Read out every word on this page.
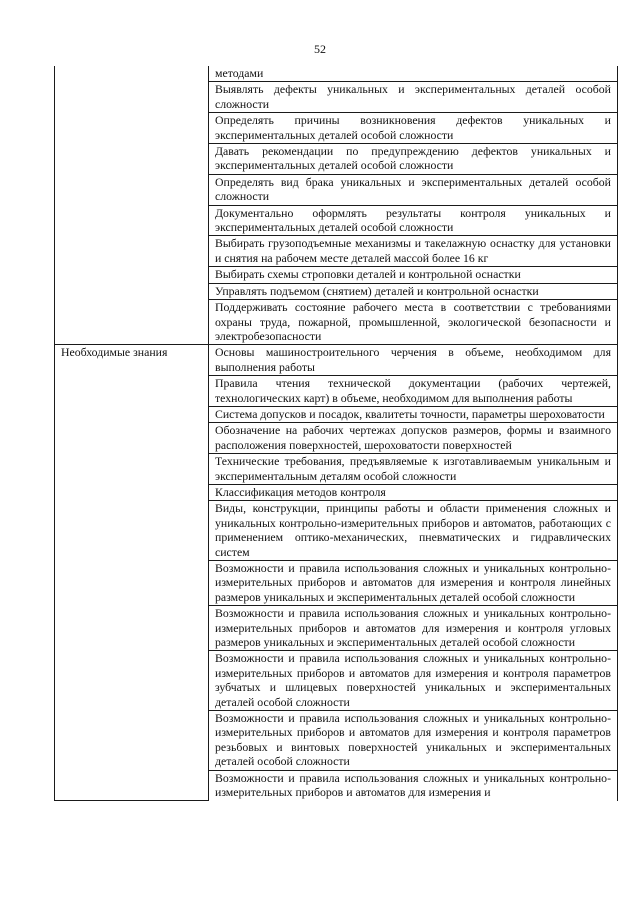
52
	методами
	Выявлять дефекты уникальных и экспериментальных деталей особой сложности
	Определять причины возникновения дефектов уникальных и экспериментальных деталей особой сложности
	Давать рекомендации по предупреждению дефектов уникальных и экспериментальных деталей особой сложности
	Определять вид брака уникальных и экспериментальных деталей особой сложности
	Документально оформлять результаты контроля уникальных и экспериментальных деталей особой сложности
	Выбирать грузоподъемные механизмы и такелажную оснастку для установки и снятия на рабочем месте деталей массой более 16 кг
	Выбирать схемы строповки деталей и контрольной оснастки
	Управлять подъемом (снятием) деталей и контрольной оснастки
	Поддерживать состояние рабочего места в соответствии с требованиями охраны труда, пожарной, промышленной, экологической безопасности и электробезопасности
Необходимые знания	Основы машиностроительного черчения в объеме, необходимом для выполнения работы
	Правила чтения технической документации (рабочих чертежей, технологических карт) в объеме, необходимом для выполнения работы
	Система допусков и посадок, квалитеты точности, параметры шероховатости
	Обозначение на рабочих чертежах допусков размеров, формы и взаимного расположения поверхностей, шероховатости поверхностей
	Технические требования, предъявляемые к изготавливаемым уникальным и экспериментальным деталям особой сложности
	Классификация методов контроля
	Виды, конструкции, принципы работы и области применения сложных и уникальных контрольно-измерительных приборов и автоматов, работающих с применением оптико-механических, пневматических и гидравлических систем
	Возможности и правила использования сложных и уникальных контрольно-измерительных приборов и автоматов для измерения и контроля линейных размеров уникальных и экспериментальных деталей особой сложности
	Возможности и правила использования сложных и уникальных контрольно-измерительных приборов и автоматов для измерения и контроля угловых размеров уникальных и экспериментальных деталей особой сложности
	Возможности и правила использования сложных и уникальных контрольно-измерительных приборов и автоматов для измерения и контроля параметров зубчатых и шлицевых поверхностей уникальных и экспериментальных деталей особой сложности
	Возможности и правила использования сложных и уникальных контрольно-измерительных приборов и автоматов для измерения и контроля параметров резьбовых и винтовых поверхностей уникальных и экспериментальных деталей особой сложности
	Возможности и правила использования сложных и уникальных контрольно-измерительных приборов и автоматов для измерения и
